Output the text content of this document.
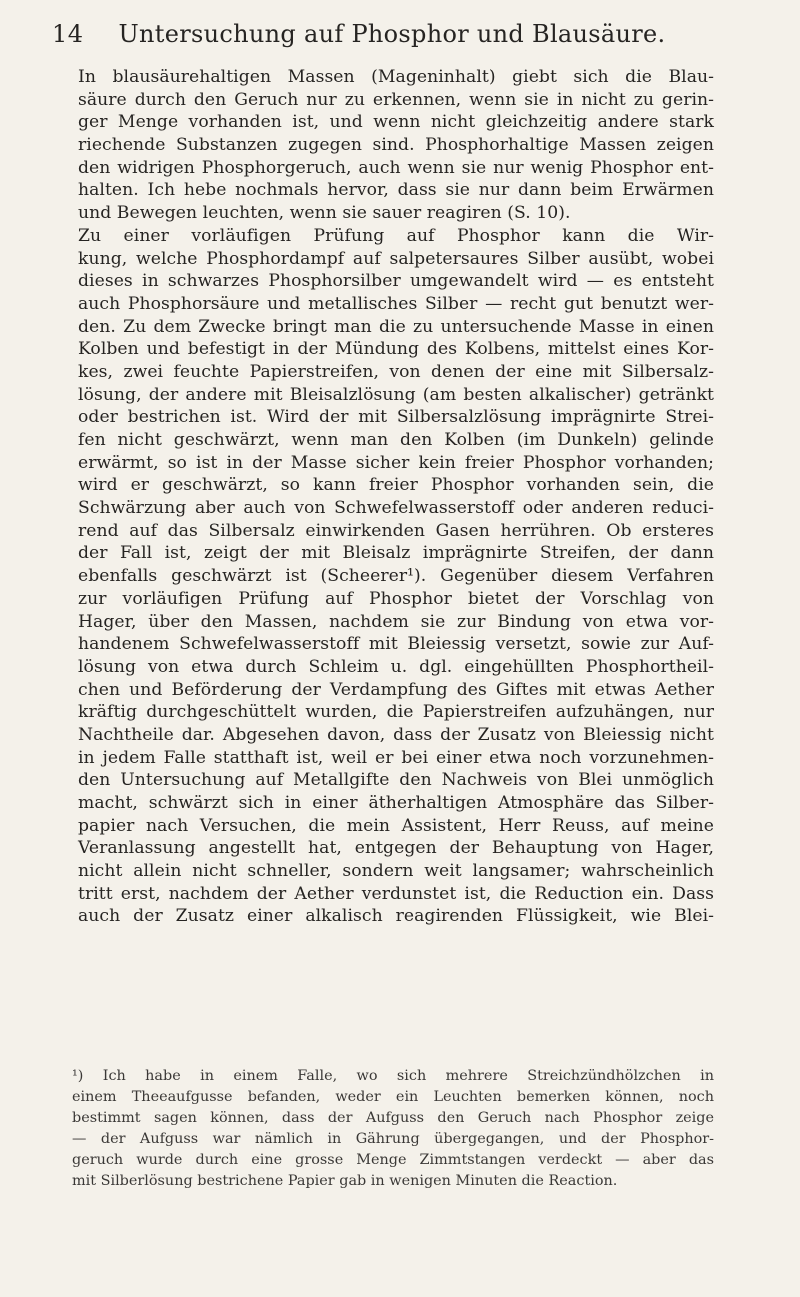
14	Untersuchung auf Phosphor und Blausäure.
In blausäurehaltigen Massen (Mageninhalt) giebt sich die Blau-
säure durch den Geruch nur zu erkennen, wenn sie in nicht zu gerin-
ger Menge vorhanden ist, und wenn nicht gleichzeitig andere stark
riechende Substanzen zugegen sind. Phosphorhaltige Massen zeigen
den widrigen Phosphorgeruch, auch wenn sie nur wenig Phosphor ent-
halten. Ich hebe nochmals hervor, dass sie nur dann beim Erwärmen
und Bewegen leuchten, wenn sie sauer reagiren (S. 10).
Zu einer vorläufigen Prüfung auf Phosphor kann die Wir-
kung, welche Phosphordampf auf salpetersaures Silber ausübt, wobei
dieses in schwarzes Phosphorsilber umgewandelt wird — es entsteht
auch Phosphorsäure und metallisches Silber — recht gut benutzt wer-
den. Zu dem Zwecke bringt man die zu untersuchende Masse in einen
Kolben und befestigt in der Mündung des Kolbens, mittelst eines Kor-
kes, zwei feuchte Papierstreifen, von denen der eine mit Silbersalz-
lösung, der andere mit Bleisalzlösung (am besten alkalischer) getränkt
oder bestrichen ist. Wird der mit Silbersalzlösung imprägnirte Strei-
fen nicht geschwärzt, wenn man den Kolben (im Dunkeln) gelinde
erwärmt, so ist in der Masse sicher kein freier Phosphor vorhanden;
wird er geschwärzt, so kann freier Phosphor vorhanden sein, die
Schwärzung aber auch von Schwefelwasserstoff oder anderen reduci-
rend auf das Silbersalz einwirkenden Gasen herrühren. Ob ersteres
der Fall ist, zeigt der mit Bleisalz imprägnirte Streifen, der dann
ebenfalls geschwärzt ist (Scheerer¹). Gegenüber diesem Verfahren
zur vorläufigen Prüfung auf Phosphor bietet der Vorschlag von
Hager, über den Massen, nachdem sie zur Bindung von etwa vor-
handenem Schwefelwasserstoff mit Bleiessig versetzt, sowie zur Auf-
lösung von etwa durch Schleim u. dgl. eingehüllten Phosphortheil-
chen und Beförderung der Verdampfung des Giftes mit etwas Aether
kräftig durchgeschüttelt wurden, die Papierstreifen aufzuhängen, nur
Nachtheile dar. Abgesehen davon, dass der Zusatz von Bleiessig nicht
in jedem Falle statthaft ist, weil er bei einer etwa noch vorzunehmen-
den Untersuchung auf Metallgifte den Nachweis von Blei unmöglich
macht, schwärzt sich in einer ätherhaltigen Atmosphäre das Silber-
papier nach Versuchen, die mein Assistent, Herr Reuss, auf meine
Veranlassung angestellt hat, entgegen der Behauptung von Hager,
nicht allein nicht schneller, sondern weit langsamer; wahrscheinlich
tritt erst, nachdem der Aether verdunstet ist, die Reduction ein. Dass
auch der Zusatz einer alkalisch reagirenden Flüssigkeit, wie Blei-
¹) Ich habe in einem Falle, wo sich mehrere Streichzündhölzchen in
einem Theeaufgusse befanden, weder ein Leuchten bemerken können, noch
bestimmt sagen können, dass der Aufguss den Geruch nach Phosphor zeige
— der Aufguss war nämlich in Gährung übergegangen, und der Phosphor-
geruch wurde durch eine grosse Menge Zimmtstangen verdeckt — aber das
mit Silberlösung bestrichene Papier gab in wenigen Minuten die Reaction.
